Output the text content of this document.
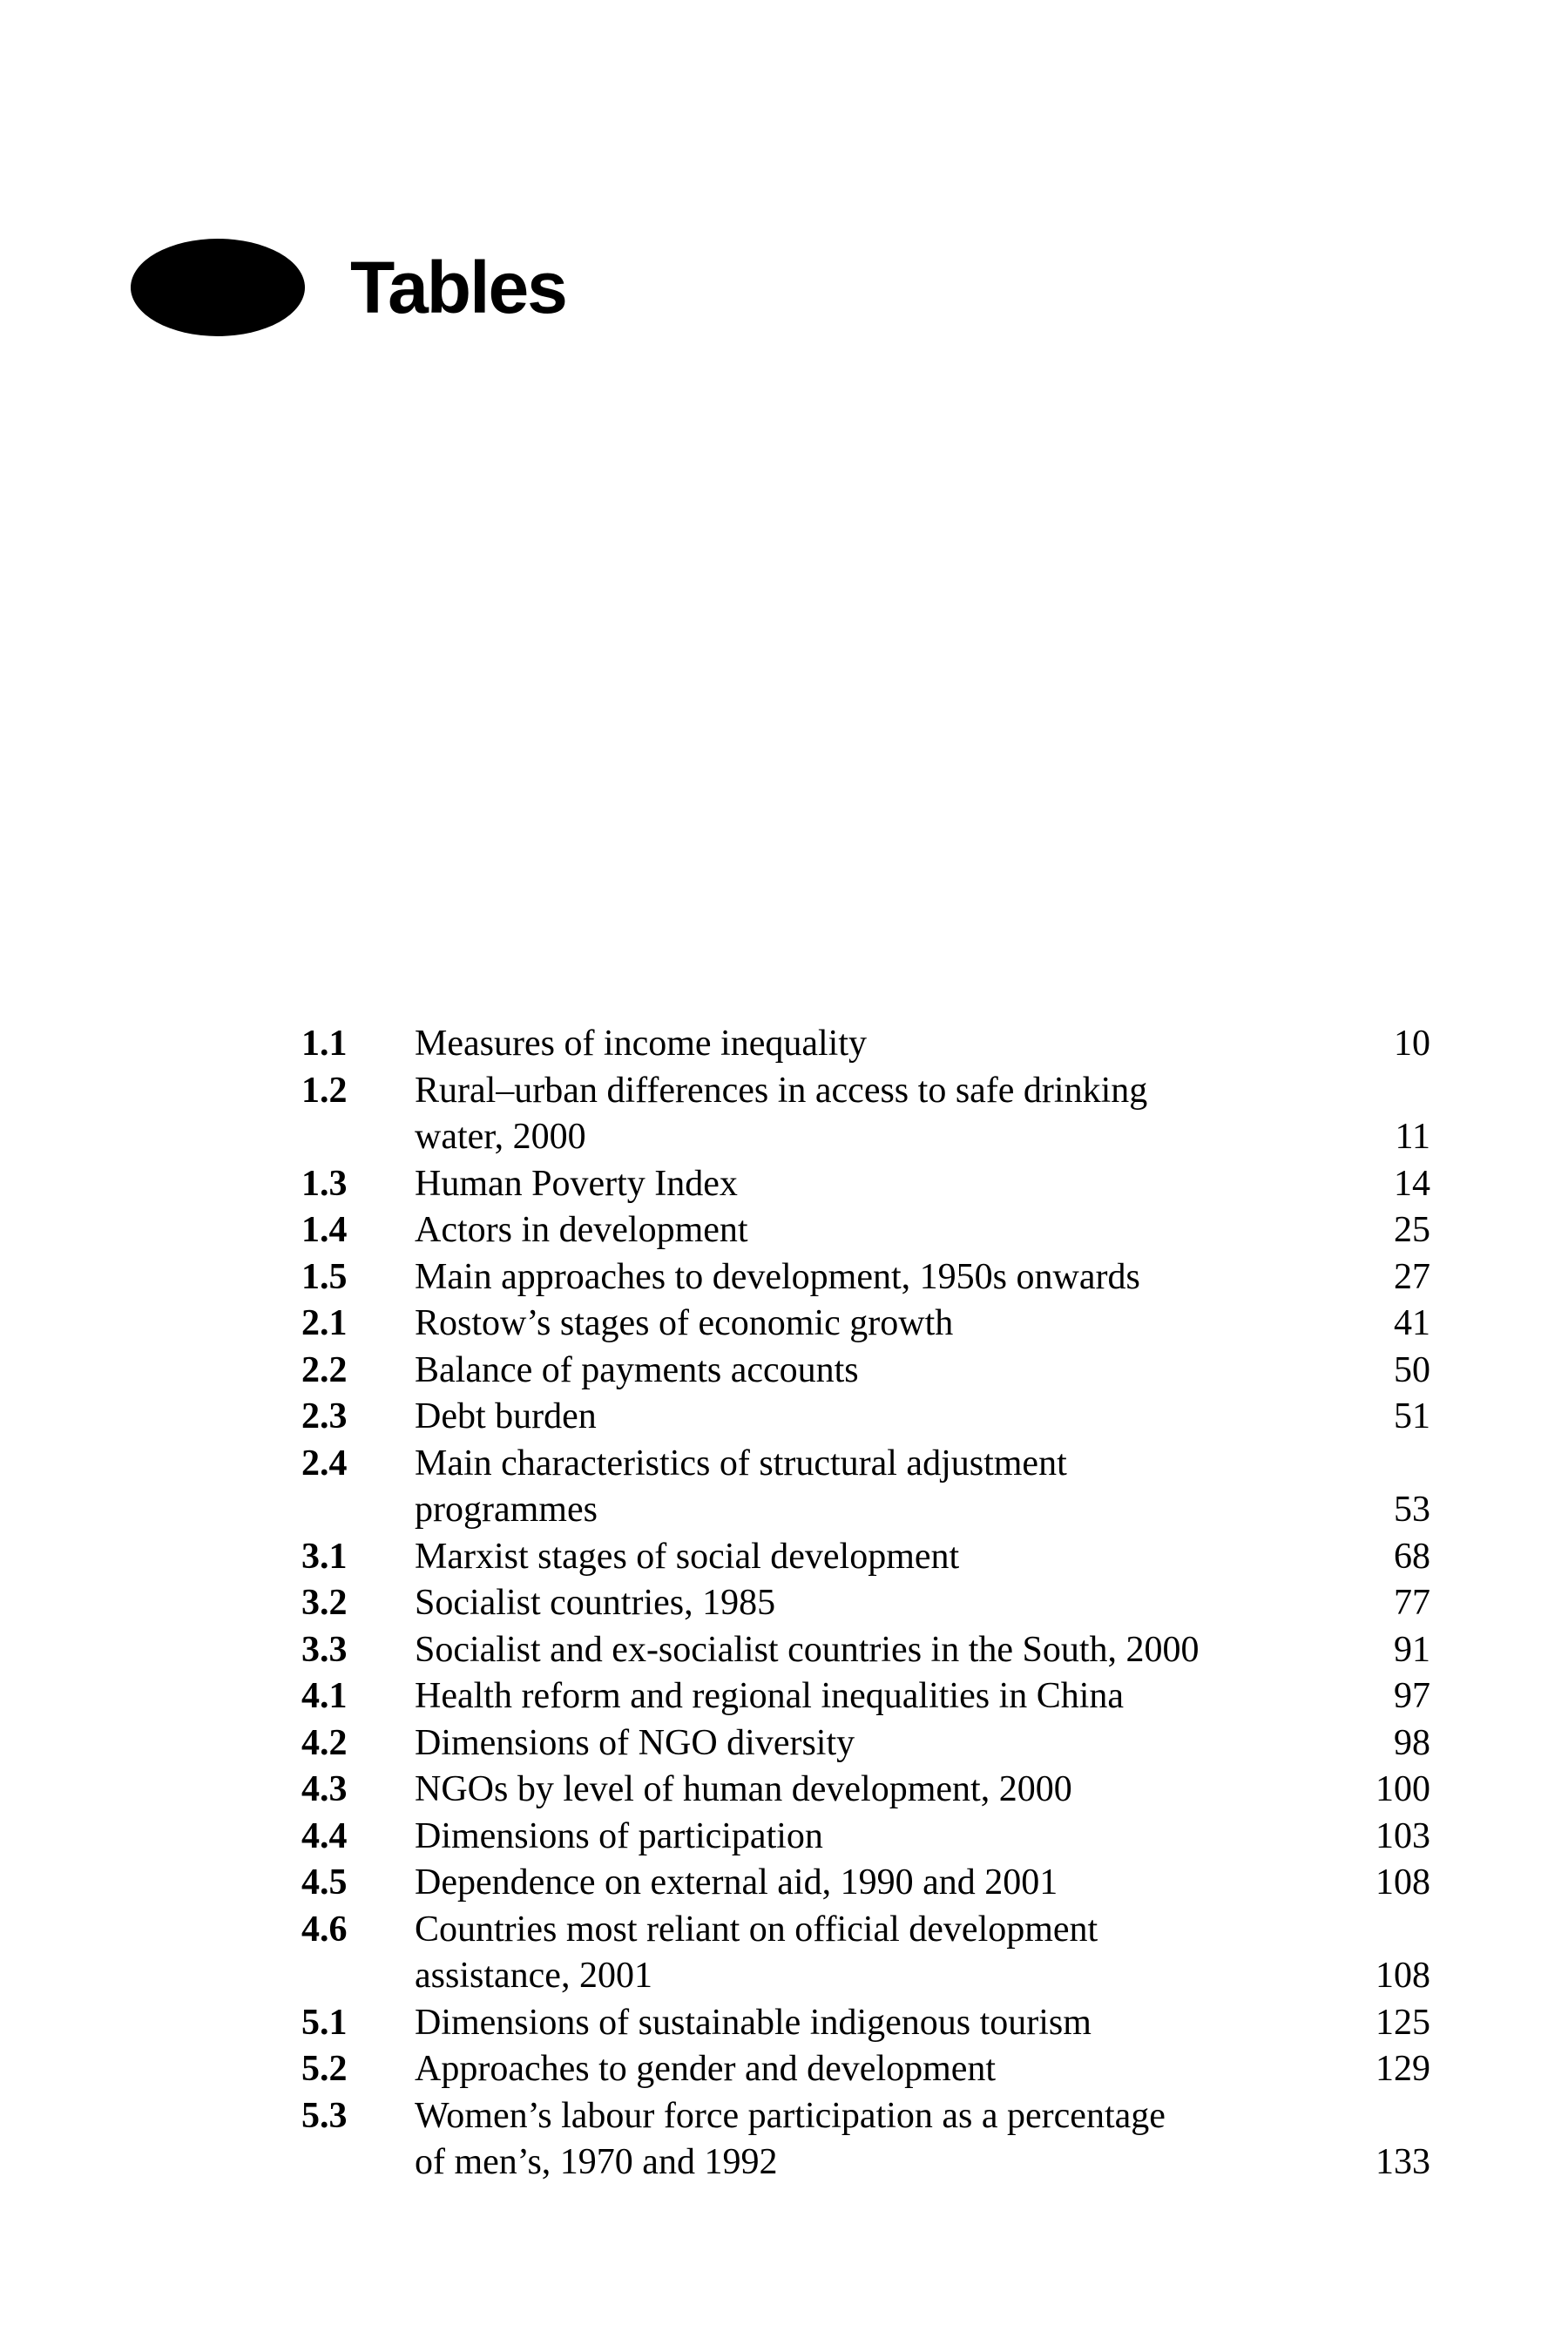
Tables
1.1	Measures of income inequality	10
1.2	Rural–urban differences in access to safe drinking
water, 2000	11
1.3	Human Poverty Index	14
1.4	Actors in development	25
1.5	Main approaches to development, 1950s onwards	27
2.1	Rostow’s stages of economic growth	41
2.2	Balance of payments accounts	50
2.3	Debt burden	51
2.4	Main characteristics of structural adjustment
programmes	53
3.1	Marxist stages of social development	68
3.2	Socialist countries, 1985	77
3.3	Socialist and ex-socialist countries in the South, 2000	91
4.1	Health reform and regional inequalities in China	97
4.2	Dimensions of NGO diversity	98
4.3	NGOs by level of human development, 2000	100
4.4	Dimensions of participation	103
4.5	Dependence on external aid, 1990 and 2001	108
4.6	Countries most reliant on official development
assistance, 2001	108
5.1	Dimensions of sustainable indigenous tourism	125
5.2	Approaches to gender and development	129
5.3	Women’s labour force participation as a percentage
of men’s, 1970 and 1992	133
